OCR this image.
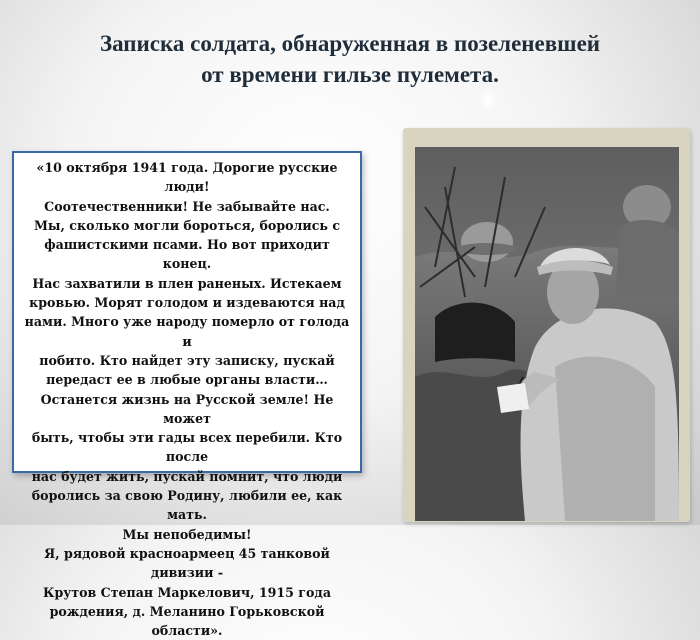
Записка солдата, обнаруженная в позеленевшей
от времени гильзе пулемета.

«10 октября 1941 года. Дорогие русские люди!
Соотечественники! Не забывайте нас.
Мы, сколько могли бороться, боролись с
фашистскими псами. Но вот приходит конец.
Нас захватили в плен раненых. Истекаем
кровью. Морят голодом и издеваются над
нами. Много уже народу померло от голода и
побито. Кто найдет эту записку, пускай
передаст ее в любые органы власти…
Останется жизнь на Русской земле! Не может
быть, чтобы эти гады всех перебили. Кто после
нас будет жить, пускай помнит, что люди
боролись за свою Родину, любили ее, как мать.
Мы непобедимы!
Я, рядовой красноармеец 45 танковой дивизии -
Крутов Степан Маркелович, 1915 года
рождения, д. Меланино Горьковской области».
